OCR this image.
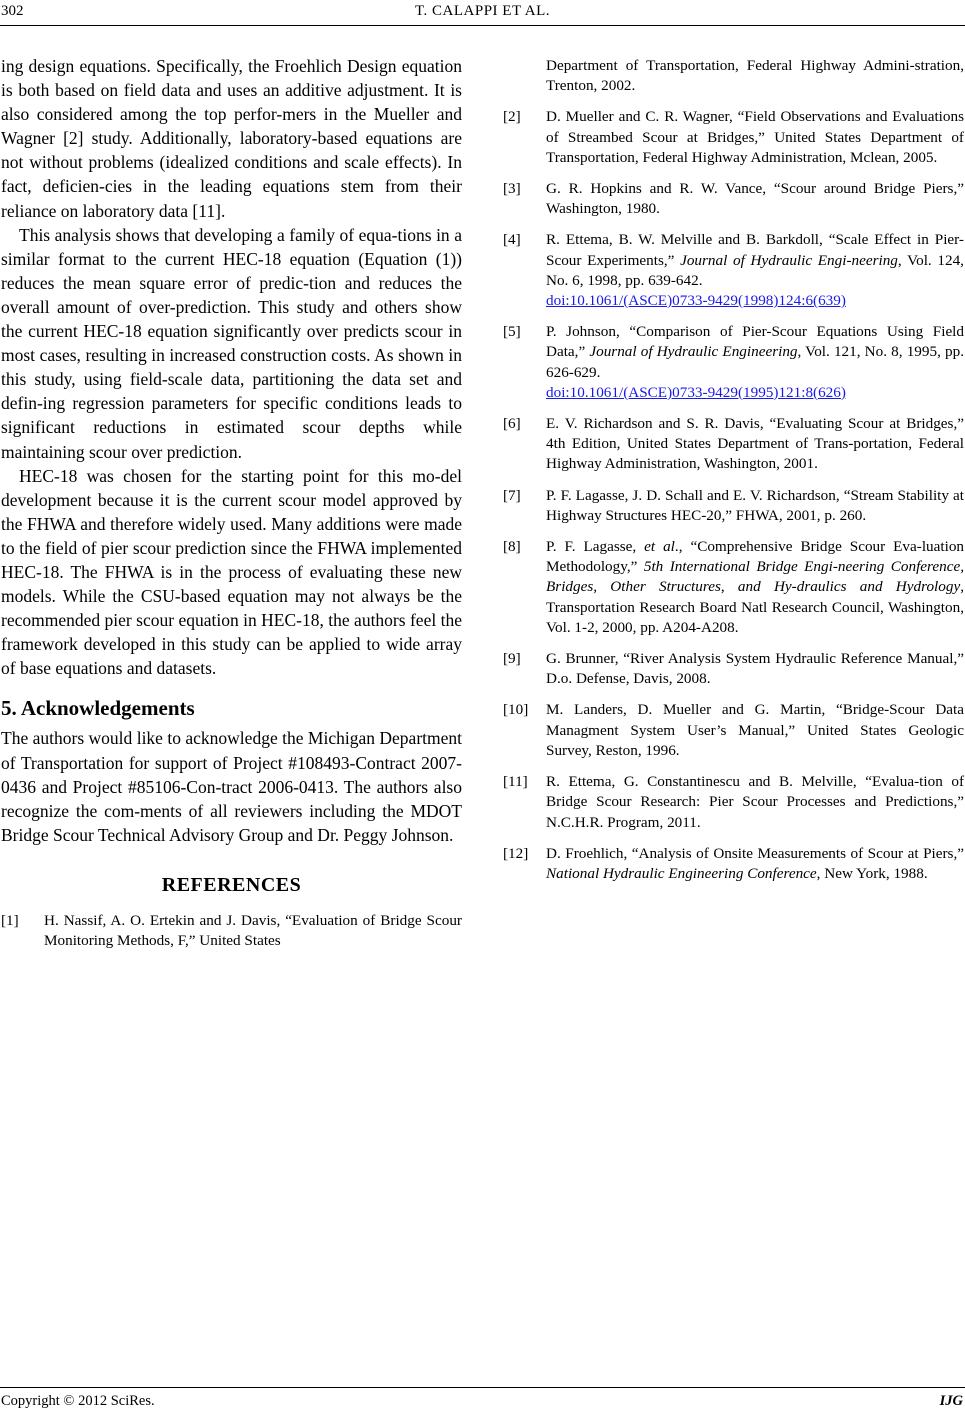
302	T. CALAPPI ET AL.

ing design equations. Specifically, the Froehlich Design equation is both based on field data and uses an additive adjustment. It is also considered among the top perfor-mers in the Mueller and Wagner [2] study. Additionally, laboratory-based equations are not without problems (idealized conditions and scale effects). In fact, deficien-cies in the leading equations stem from their reliance on laboratory data [11].

This analysis shows that developing a family of equa-tions in a similar format to the current HEC-18 equation (Equation (1)) reduces the mean square error of predic-tion and reduces the overall amount of over-prediction. This study and others show the current HEC-18 equation significantly over predicts scour in most cases, resulting in increased construction costs. As shown in this study, using field-scale data, partitioning the data set and defin-ing regression parameters for specific conditions leads to significant reductions in estimated scour depths while maintaining scour over prediction.

HEC-18 was chosen for the starting point for this mo-del development because it is the current scour model approved by the FHWA and therefore widely used. Many additions were made to the field of pier scour prediction since the FHWA implemented HEC-18. The FHWA is in the process of evaluating these new models. While the CSU-based equation may not always be the recommended pier scour equation in HEC-18, the authors feel the framework developed in this study can be applied to wide array of base equations and datasets.

5. Acknowledgements

The authors would like to acknowledge the Michigan Department of Transportation for support of Project #108493-Contract 2007-0436 and Project #85106-Con-tract 2006-0413. The authors also recognize the com-ments of all reviewers including the MDOT Bridge Scour Technical Advisory Group and Dr. Peggy Johnson.

REFERENCES
[1] H. Nassif, A. O. Ertekin and J. Davis, “Evaluation of Bridge Scour Monitoring Methods, F,” United States
Department of Transportation, Federal Highway Admini-stration, Trenton, 2002.
[2] D. Mueller and C. R. Wagner, “Field Observations and Evaluations of Streambed Scour at Bridges,” United States Department of Transportation, Federal Highway Administration, Mclean, 2005.
[3] G. R. Hopkins and R. W. Vance, “Scour around Bridge Piers,” Washington, 1980.
[4] R. Ettema, B. W. Melville and B. Barkdoll, “Scale Effect in Pier-Scour Experiments,” Journal of Hydraulic Engi-neering, Vol. 124, No. 6, 1998, pp. 639-642.
doi:10.1061/(ASCE)0733-9429(1998)124:6(639)
[5] P. Johnson, “Comparison of Pier-Scour Equations Using Field Data,” Journal of Hydraulic Engineering, Vol. 121, No. 8, 1995, pp. 626-629.
doi:10.1061/(ASCE)0733-9429(1995)121:8(626)
[6] E. V. Richardson and S. R. Davis, “Evaluating Scour at Bridges,” 4th Edition, United States Department of Trans-portation, Federal Highway Administration, Washington, 2001.
[7] P. F. Lagasse, J. D. Schall and E. V. Richardson, “Stream Stability at Highway Structures HEC-20,” FHWA, 2001, p. 260.
[8] P. F. Lagasse, et al., “Comprehensive Bridge Scour Eva-luation Methodology,” 5th International Bridge Engi-neering Conference, Bridges, Other Structures, and Hy-draulics and Hydrology, Transportation Research Board Natl Research Council, Washington, Vol. 1-2, 2000, pp. A204-A208.
[9] G. Brunner, “River Analysis System Hydraulic Reference Manual,” D.o. Defense, Davis, 2008.
[10] M. Landers, D. Mueller and G. Martin, “Bridge-Scour Data Managment System User’s Manual,” United States Geologic Survey, Reston, 1996.
[11] R. Ettema, G. Constantinescu and B. Melville, “Evalua-tion of Bridge Scour Research: Pier Scour Processes and Predictions,” N.C.H.R. Program, 2011.
[12] D. Froehlich, “Analysis of Onsite Measurements of Scour at Piers,” National Hydraulic Engineering Conference, New York, 1988.
Copyright © 2012 SciRes.	IJG
